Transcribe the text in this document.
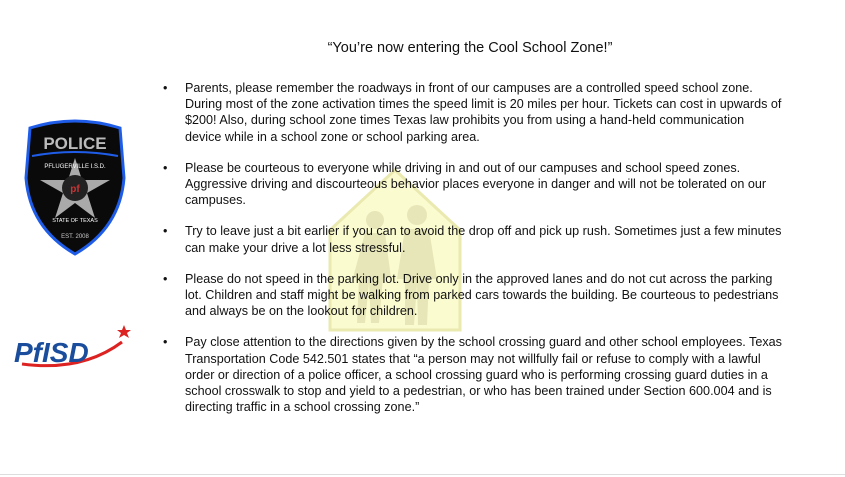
“You’re now entering the Cool School Zone!”
POLICE
PFLUGERVILLE I.S.D.
pf
STATE OF TEXAS
EST. 2008
PfISD
• Parents, please remember the roadways in front of our campuses are a controlled speed school zone. During most of the zone activation times the speed limit is 20 miles per hour. Tickets can cost in upwards of $200! Also, during school zone times Texas law prohibits you from using a hand-held communication device while in a school zone or school parking area.
• Please be courteous to everyone while driving in and out of our campuses and school speed zones. Aggressive driving and discourteous behavior places everyone in danger and will not be tolerated on our campuses.
• Try to leave just a bit earlier if you can to avoid the drop off and pick up rush. Sometimes just a few minutes can make your drive a lot less stressful.
• Please do not speed in the parking lot. Drive only in the approved lanes and do not cut across the parking lot. Children and staff might be walking from parked cars towards the building. Be courteous to pedestrians and always be on the lookout for children.
• Pay close attention to the directions given by the school crossing guard and other school employees. Texas Transportation Code 542.501 states that “a person may not willfully fail or refuse to comply with a lawful order or direction of a police officer, a school crossing guard who is performing crossing guard duties in a school crosswalk to stop and yield to a pedestrian, or who has been trained under Section 600.004 and is directing traffic in a school crossing zone.”
